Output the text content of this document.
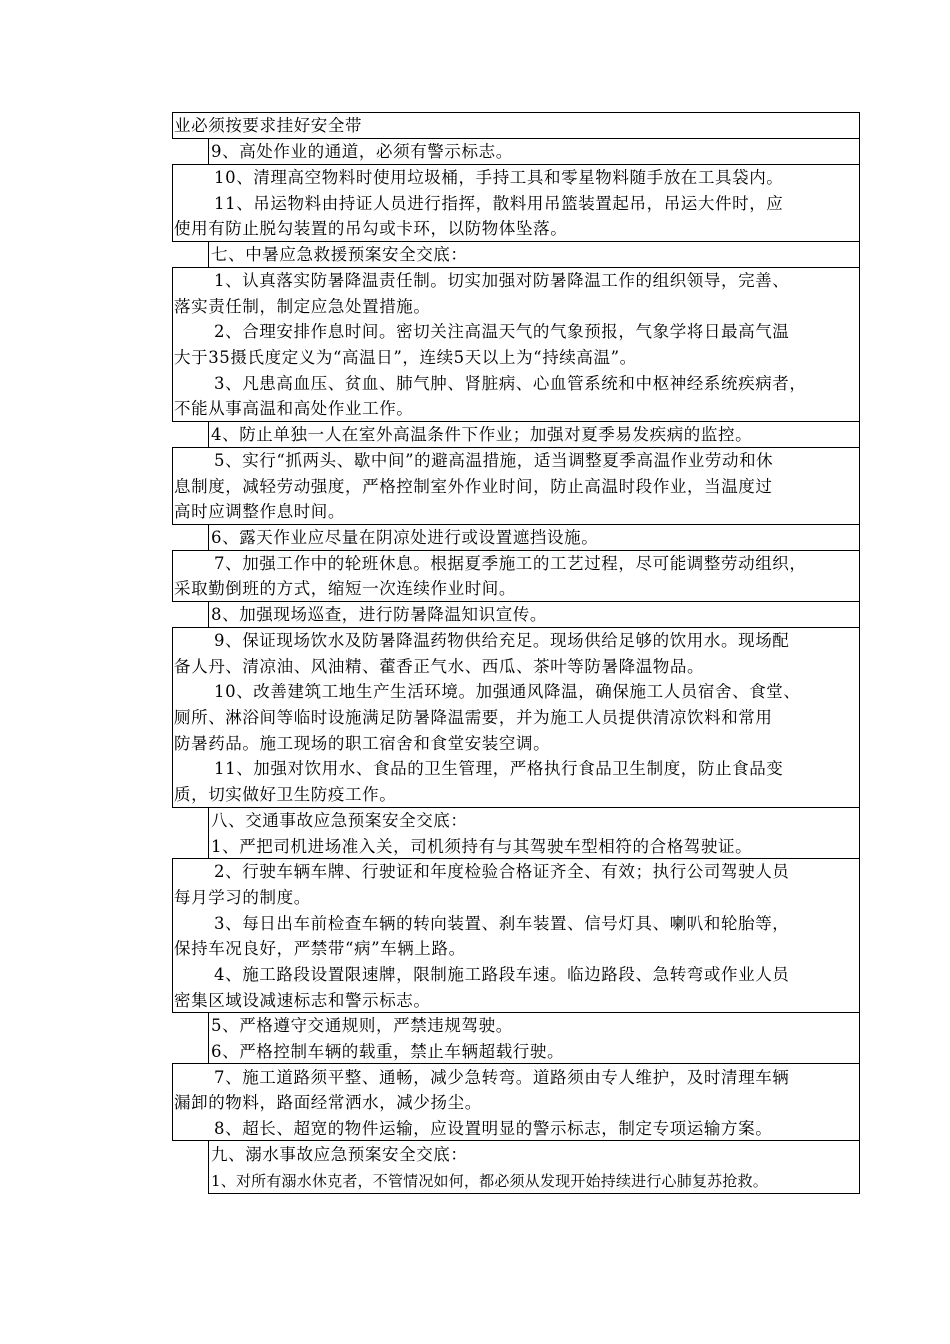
业必须按要求挂好安全带
9、高处作业的通道，必须有警示标志。
10、清理高空物料时使用垃圾桶，手持工具和零星物料随手放在工具袋内。
11、吊运物料由持证人员进行指挥，散料用吊篮装置起吊，吊运大件时，应
使用有防止脱勾装置的吊勾或卡环，以防物体坠落。
七、中暑应急救援预案安全交底：
1、认真落实防暑降温责任制。切实加强对防暑降温工作的组织领导，完善、
落实责任制，制定应急处置措施。
2、合理安排作息时间。密切关注高温天气的气象预报，气象学将日最高气温
大于35摄氏度定义为“高温日”，连续5天以上为“持续高温”。
3、凡患高血压、贫血、肺气肿、肾脏病、心血管系统和中枢神经系统疾病者，
不能从事高温和高处作业工作。
4、防止单独一人在室外高温条件下作业；加强对夏季易发疾病的监控。
5、实行“抓两头、歇中间”的避高温措施，适当调整夏季高温作业劳动和休
息制度，减轻劳动强度，严格控制室外作业时间，防止高温时段作业，当温度过
高时应调整作息时间。
6、露天作业应尽量在阴凉处进行或设置遮挡设施。
7、加强工作中的轮班休息。根据夏季施工的工艺过程，尽可能调整劳动组织，
采取勤倒班的方式，缩短一次连续作业时间。
8、加强现场巡查，进行防暑降温知识宣传。
9、保证现场饮水及防暑降温药物供给充足。现场供给足够的饮用水。现场配
备人丹、清凉油、风油精、藿香正气水、西瓜、茶叶等防暑降温物品。
10、改善建筑工地生产生活环境。加强通风降温，确保施工人员宿舍、食堂、
厕所、淋浴间等临时设施满足防暑降温需要，并为施工人员提供清凉饮料和常用
防暑药品。施工现场的职工宿舍和食堂安装空调。
11、加强对饮用水、食品的卫生管理，严格执行食品卫生制度，防止食品变
质，切实做好卫生防疫工作。
八、交通事故应急预案安全交底：
1、严把司机进场准入关，司机须持有与其驾驶车型相符的合格驾驶证。
2、行驶车辆车牌、行驶证和年度检验合格证齐全、有效；执行公司驾驶人员
每月学习的制度。
3、每日出车前检查车辆的转向装置、刹车装置、信号灯具、喇叭和轮胎等，
保持车况良好，严禁带“病”车辆上路。
4、施工路段设置限速牌，限制施工路段车速。临边路段、急转弯或作业人员
密集区域设减速标志和警示标志。
5、严格遵守交通规则，严禁违规驾驶。
6、严格控制车辆的载重，禁止车辆超载行驶。
7、施工道路须平整、通畅，减少急转弯。道路须由专人维护，及时清理车辆
漏卸的物料，路面经常洒水，减少扬尘。
8、超长、超宽的物件运输，应设置明显的警示标志，制定专项运输方案。
九、溺水事故应急预案安全交底：
1、对所有溺水休克者，不管情况如何，都必须从发现开始持续进行心肺复苏抢救。
